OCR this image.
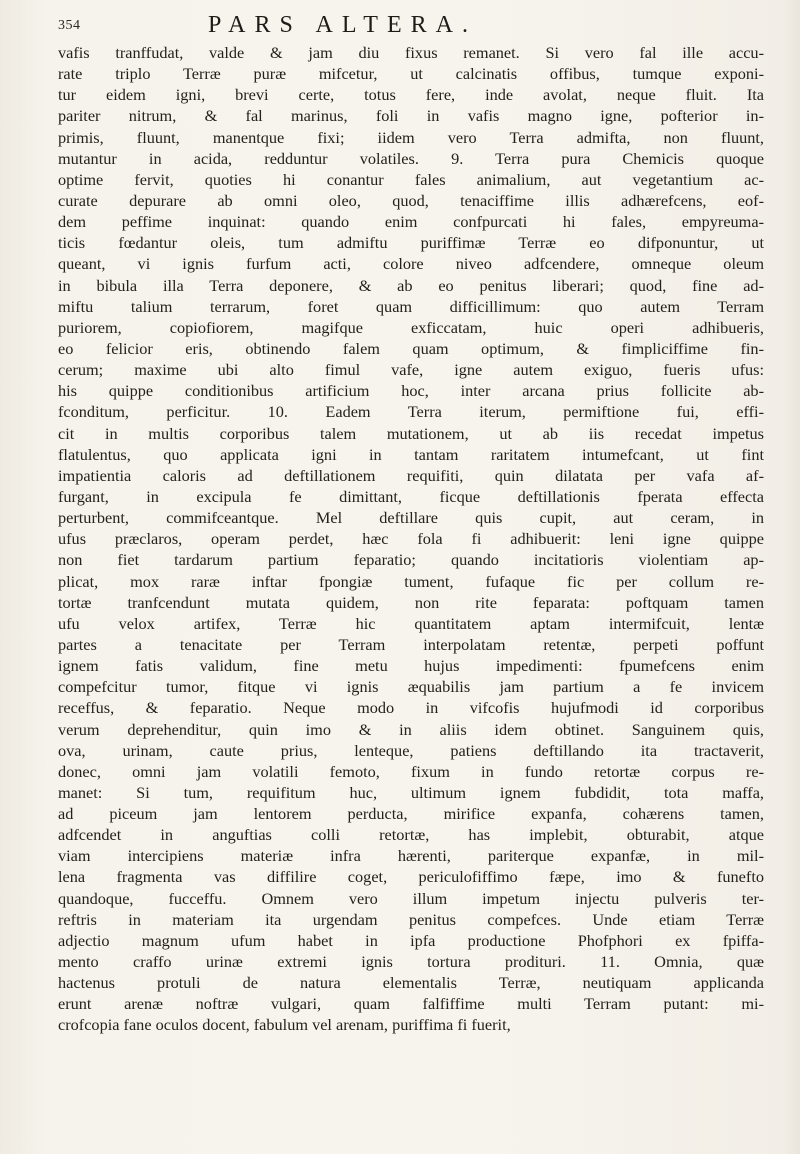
354	PARS ALTERA.
vafis tranffudat, valde & jam diu fixus remanet. Si vero fal ille accu-
rate triplo Terræ puræ mifcetur, ut calcinatis offibus, tumque exponi-
tur eidem igni, brevi certe, totus fere, inde avolat, neque fluit. Ita
pariter nitrum, & fal marinus, foli in vafis magno igne, pofterior in-
primis, fluunt, manentque fixi; iidem vero Terra admifta, non fluunt,
mutantur in acida, redduntur volatiles. 9. Terra pura Chemicis quoque
optime fervit, quoties hi conantur fales animalium, aut vegetantium ac-
curate depurare ab omni oleo, quod, tenaciffime illis adhærefcens, eof-
dem peffime inquinat: quando enim confpurcati hi fales, empyreuma-
ticis fœdantur oleis, tum admiftu puriffimæ Terræ eo difponuntur, ut
queant, vi ignis furfum acti, colore niveo adfcendere, omneque oleum
in bibula illa Terra deponere, & ab eo penitus liberari; quod, fine ad-
miftu talium terrarum, foret quam difficillimum: quo autem Terram
puriorem, copiofiorem, magifque exficcatam, huic operi adhibueris,
eo felicior eris, obtinendo falem quam optimum, & fimpliciffime fin-
cerum; maxime ubi alto fimul vafe, igne autem exiguo, fueris ufus:
his quippe conditionibus artificium hoc, inter arcana prius follicite ab-
fconditum, perficitur. 10. Eadem Terra iterum, permiftione fui, effi-
cit in multis corporibus talem mutationem, ut ab iis recedat impetus
flatulentus, quo applicata igni in tantam raritatem intumefcant, ut fint
impatientia caloris ad deftillationem requifiti, quin dilatata per vafa af-
furgant, in excipula fe dimittant, ficque deftillationis fperata effecta
perturbent, commifceantque. Mel deftillare quis cupit, aut ceram, in
ufus præclaros, operam perdet, hæc fola fi adhibuerit: leni igne quippe
non fiet tardarum partium feparatio; quando incitatioris violentiam ap-
plicat, mox raræ inftar fpongiæ tument, fufaque fic per collum re-
tortæ tranfcendunt mutata quidem, non rite feparata: poftquam tamen
ufu velox artifex, Terræ hic quantitatem aptam intermifcuit, lentæ
partes a tenacitate per Terram interpolatam retentæ, perpeti poffunt
ignem fatis validum, fine metu hujus impedimenti: fpumefcens enim
compefcitur tumor, fitque vi ignis æquabilis jam partium a fe invicem
receffus, & feparatio. Neque modo in vifcofis hujufmodi id corporibus
verum deprehenditur, quin imo & in aliis idem obtinet. Sanguinem quis,
ova, urinam, caute prius, lenteque, patiens deftillando ita tractaverit,
donec, omni jam volatili femoto, fixum in fundo retortæ corpus re-
manet: Si tum, requifitum huc, ultimum ignem fubdidit, tota maffa,
ad piceum jam lentorem perducta, mirifice expanfa, cohærens tamen,
adfcendet in anguftias colli retortæ, has implebit, obturabit, atque
viam intercipiens materiæ infra hærenti, pariterque expanfæ, in mil-
lena fragmenta vas diffilire coget, periculofiffimo fæpe, imo & funefto
quandoque, fucceffu. Omnem vero illum impetum injectu pulveris ter-
reftris in materiam ita urgendam penitus compefces. Unde etiam Terræ
adjectio magnum ufum habet in ipfa productione Phofphori ex fpiffa-
mento craffo urinæ extremi ignis tortura proditurі. 11. Omnia, quæ
hactenus protuli de natura elementalis Terræ, neutiquam applicanda
erunt arenæ noftræ vulgari, quam falfiffime multi Terram putant: mi-
crofcopia fane oculos docent, fabulum vel arenam, puriffima fi fuerit,
